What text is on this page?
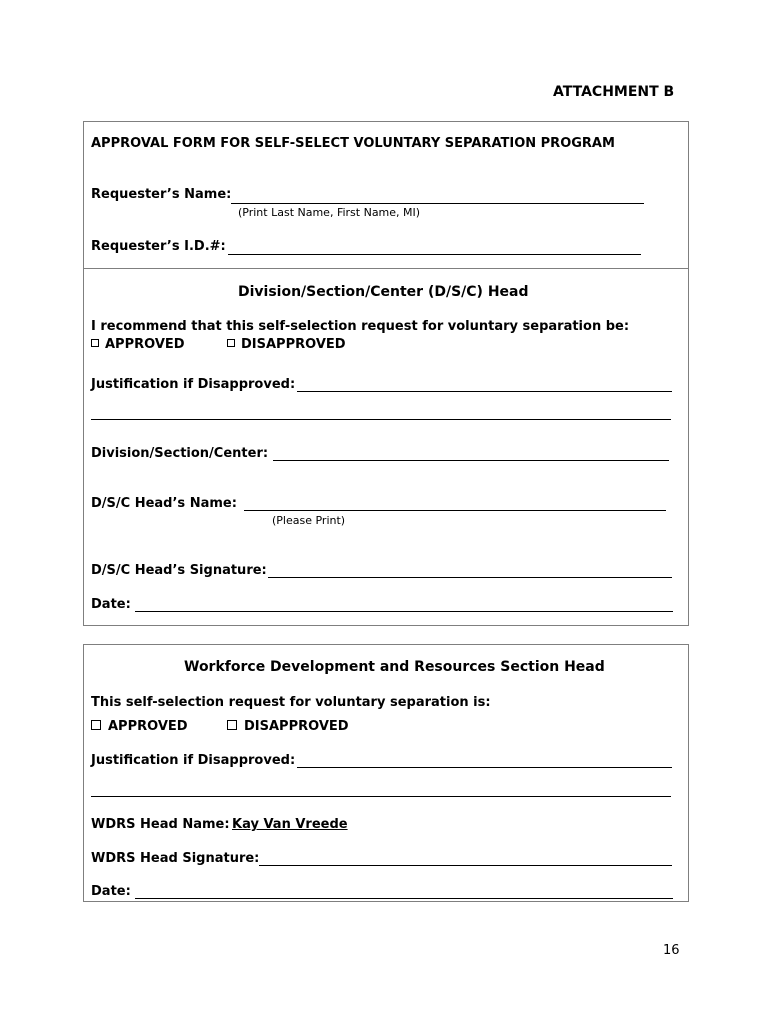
ATTACHMENT B
APPROVAL FORM FOR SELF-SELECT VOLUNTARY SEPARATION PROGRAM
Requester’s Name:
(Print Last Name, First Name, MI)
Requester’s I.D.#:
Division/Section/Center (D/S/C) Head
I recommend that this self-selection request for voluntary separation be:
APPROVED	DISAPPROVED
Justification if Disapproved:
Division/Section/Center:
D/S/C Head’s Name:
(Please Print)
D/S/C Head’s Signature:
Date:
Workforce Development and Resources Section Head
This self-selection request for voluntary separation is:
APPROVED	DISAPPROVED
Justification if Disapproved:
WDRS Head Name: Kay Van Vreede
WDRS Head Signature:
Date:
16
